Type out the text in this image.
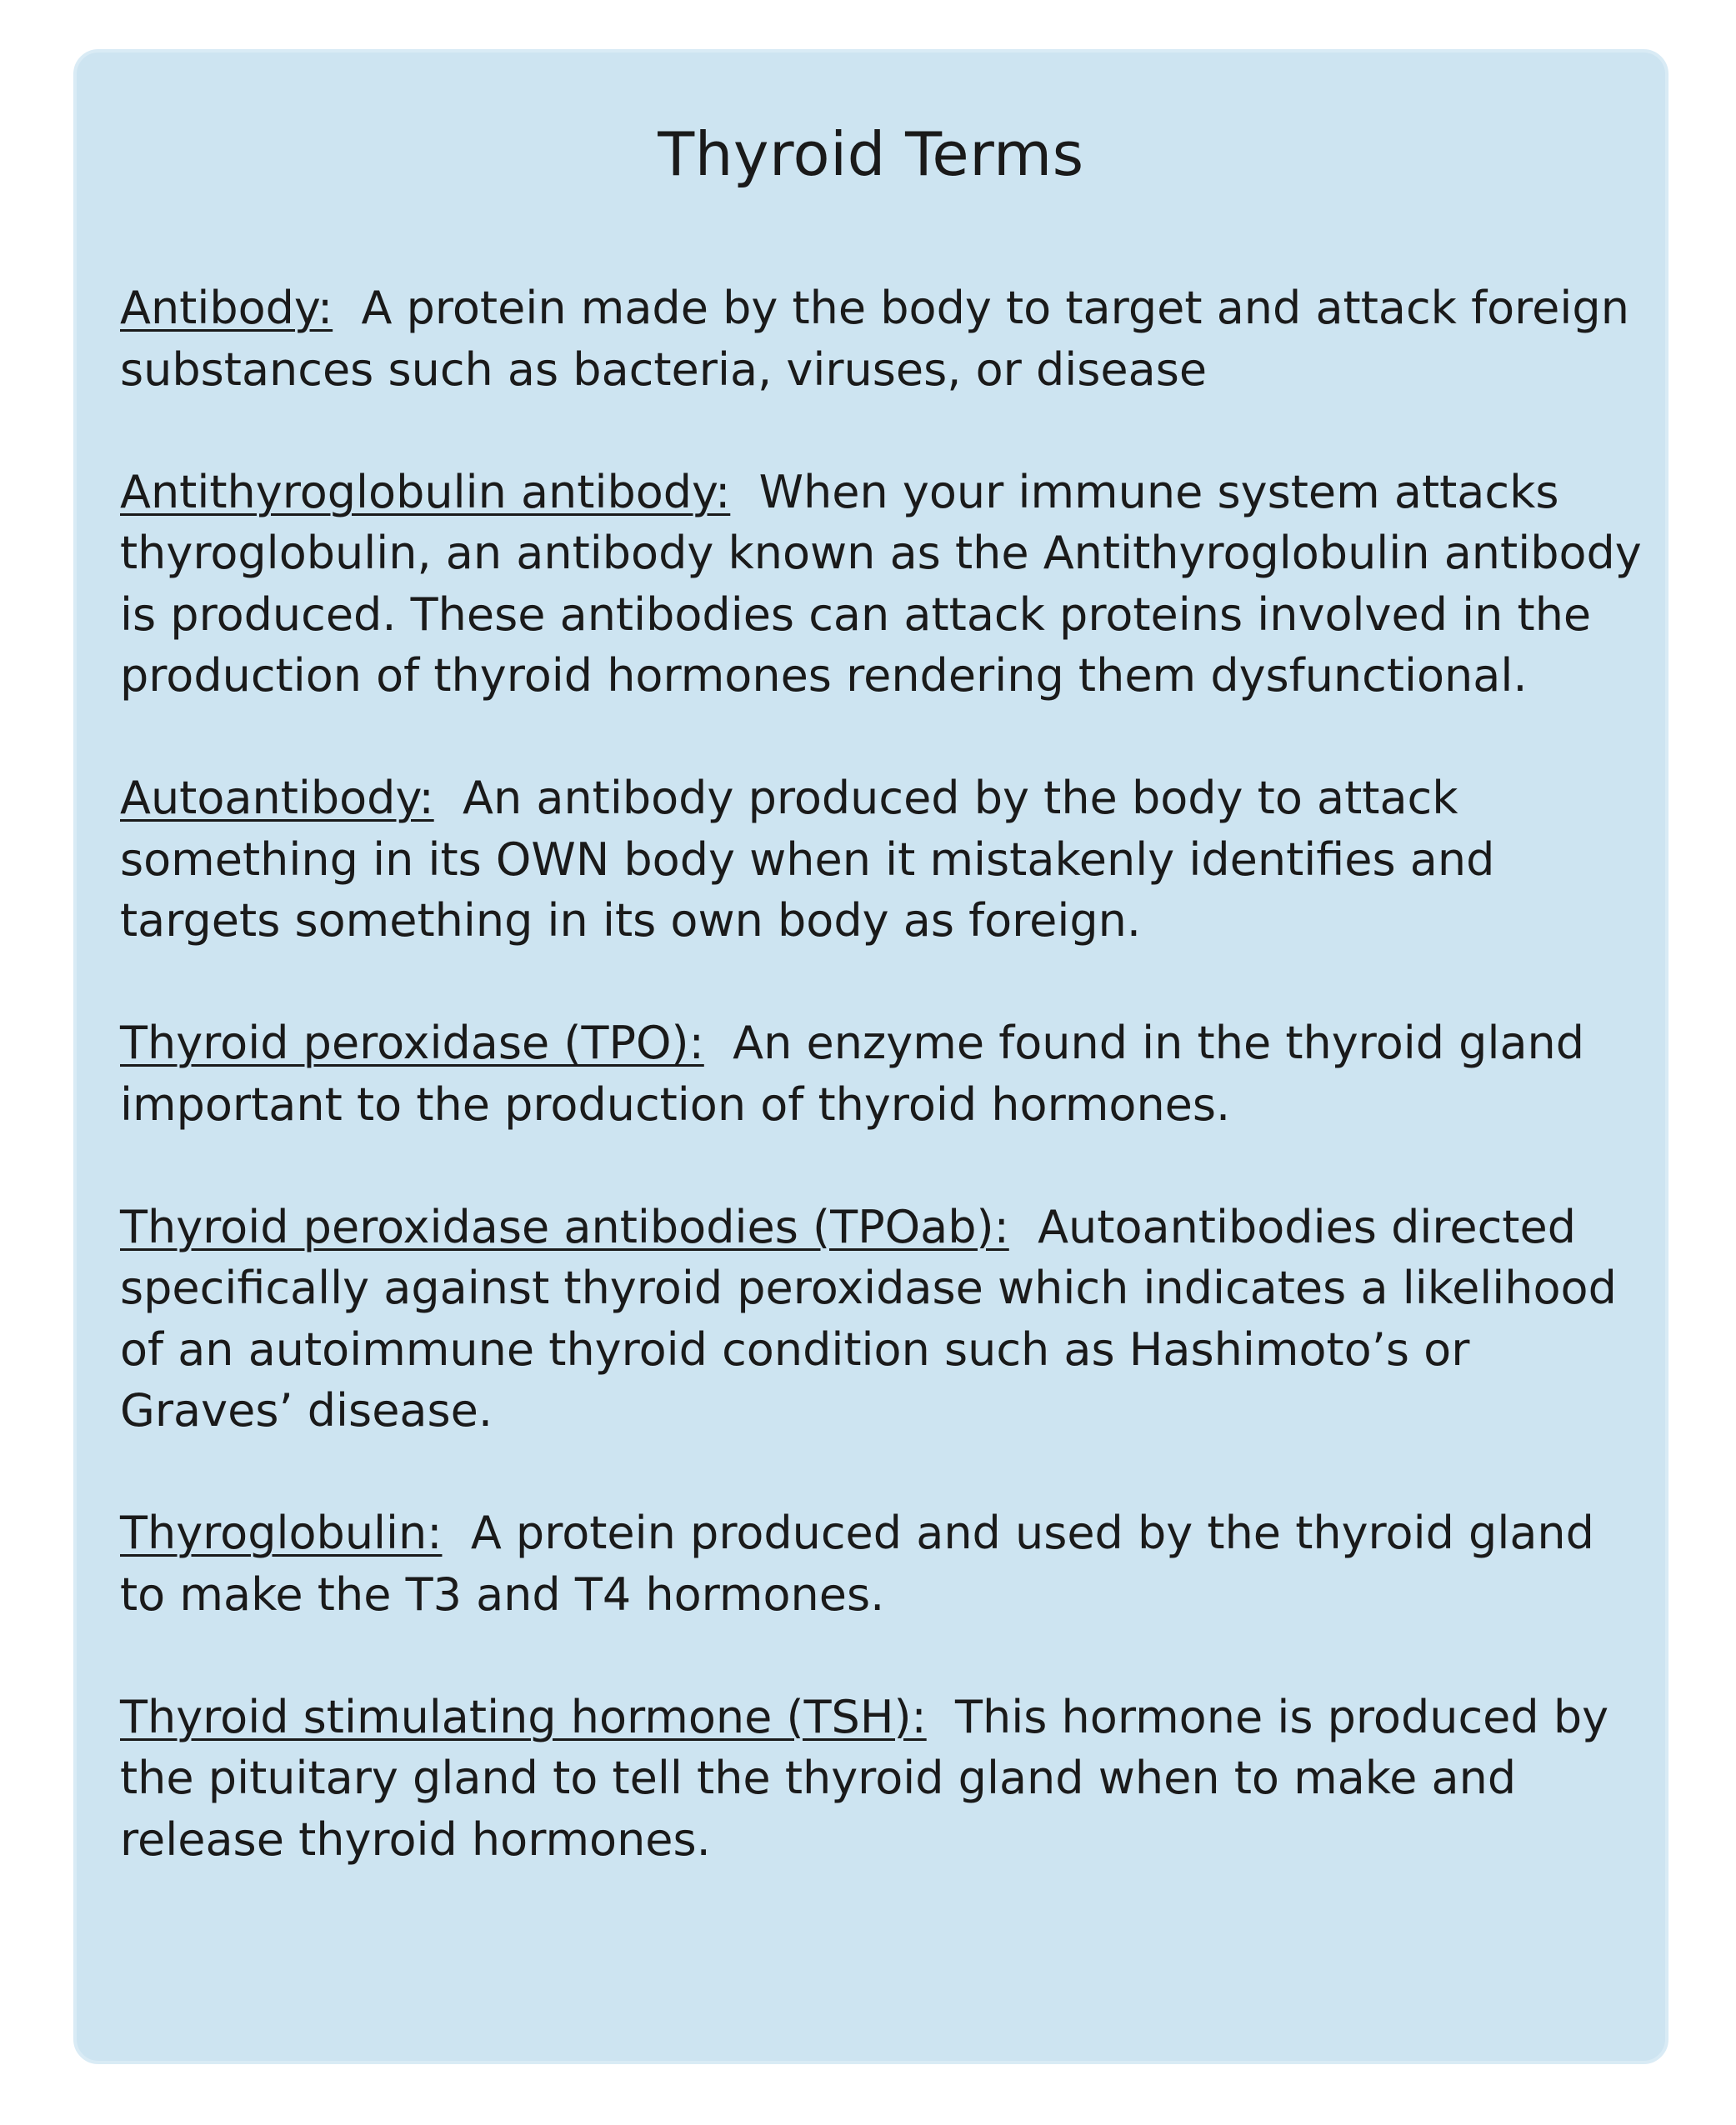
Thyroid Terms

Antibody: A protein made by the body to target and attack foreign substances such as bacteria, viruses, or disease

Antithyroglobulin antibody: When your immune system attacks thyroglobulin, an antibody known as the Antithyroglobulin antibody is produced. These antibodies can attack proteins involved in the production of thyroid hormones rendering them dysfunctional.

Autoantibody: An antibody produced by the body to attack something in its OWN body when it mistakenly identifies and targets something in its own body as foreign.

Thyroid peroxidase (TPO): An enzyme found in the thyroid gland important to the production of thyroid hormones.

Thyroid peroxidase antibodies (TPOab): Autoantibodies directed specifically against thyroid peroxidase which indicates a likelihood of an autoimmune thyroid condition such as Hashimoto’s or Graves’ disease.

Thyroglobulin: A protein produced and used by the thyroid gland to make the T3 and T4 hormones.

Thyroid stimulating hormone (TSH): This hormone is produced by the pituitary gland to tell the thyroid gland when to make and release thyroid hormones.
